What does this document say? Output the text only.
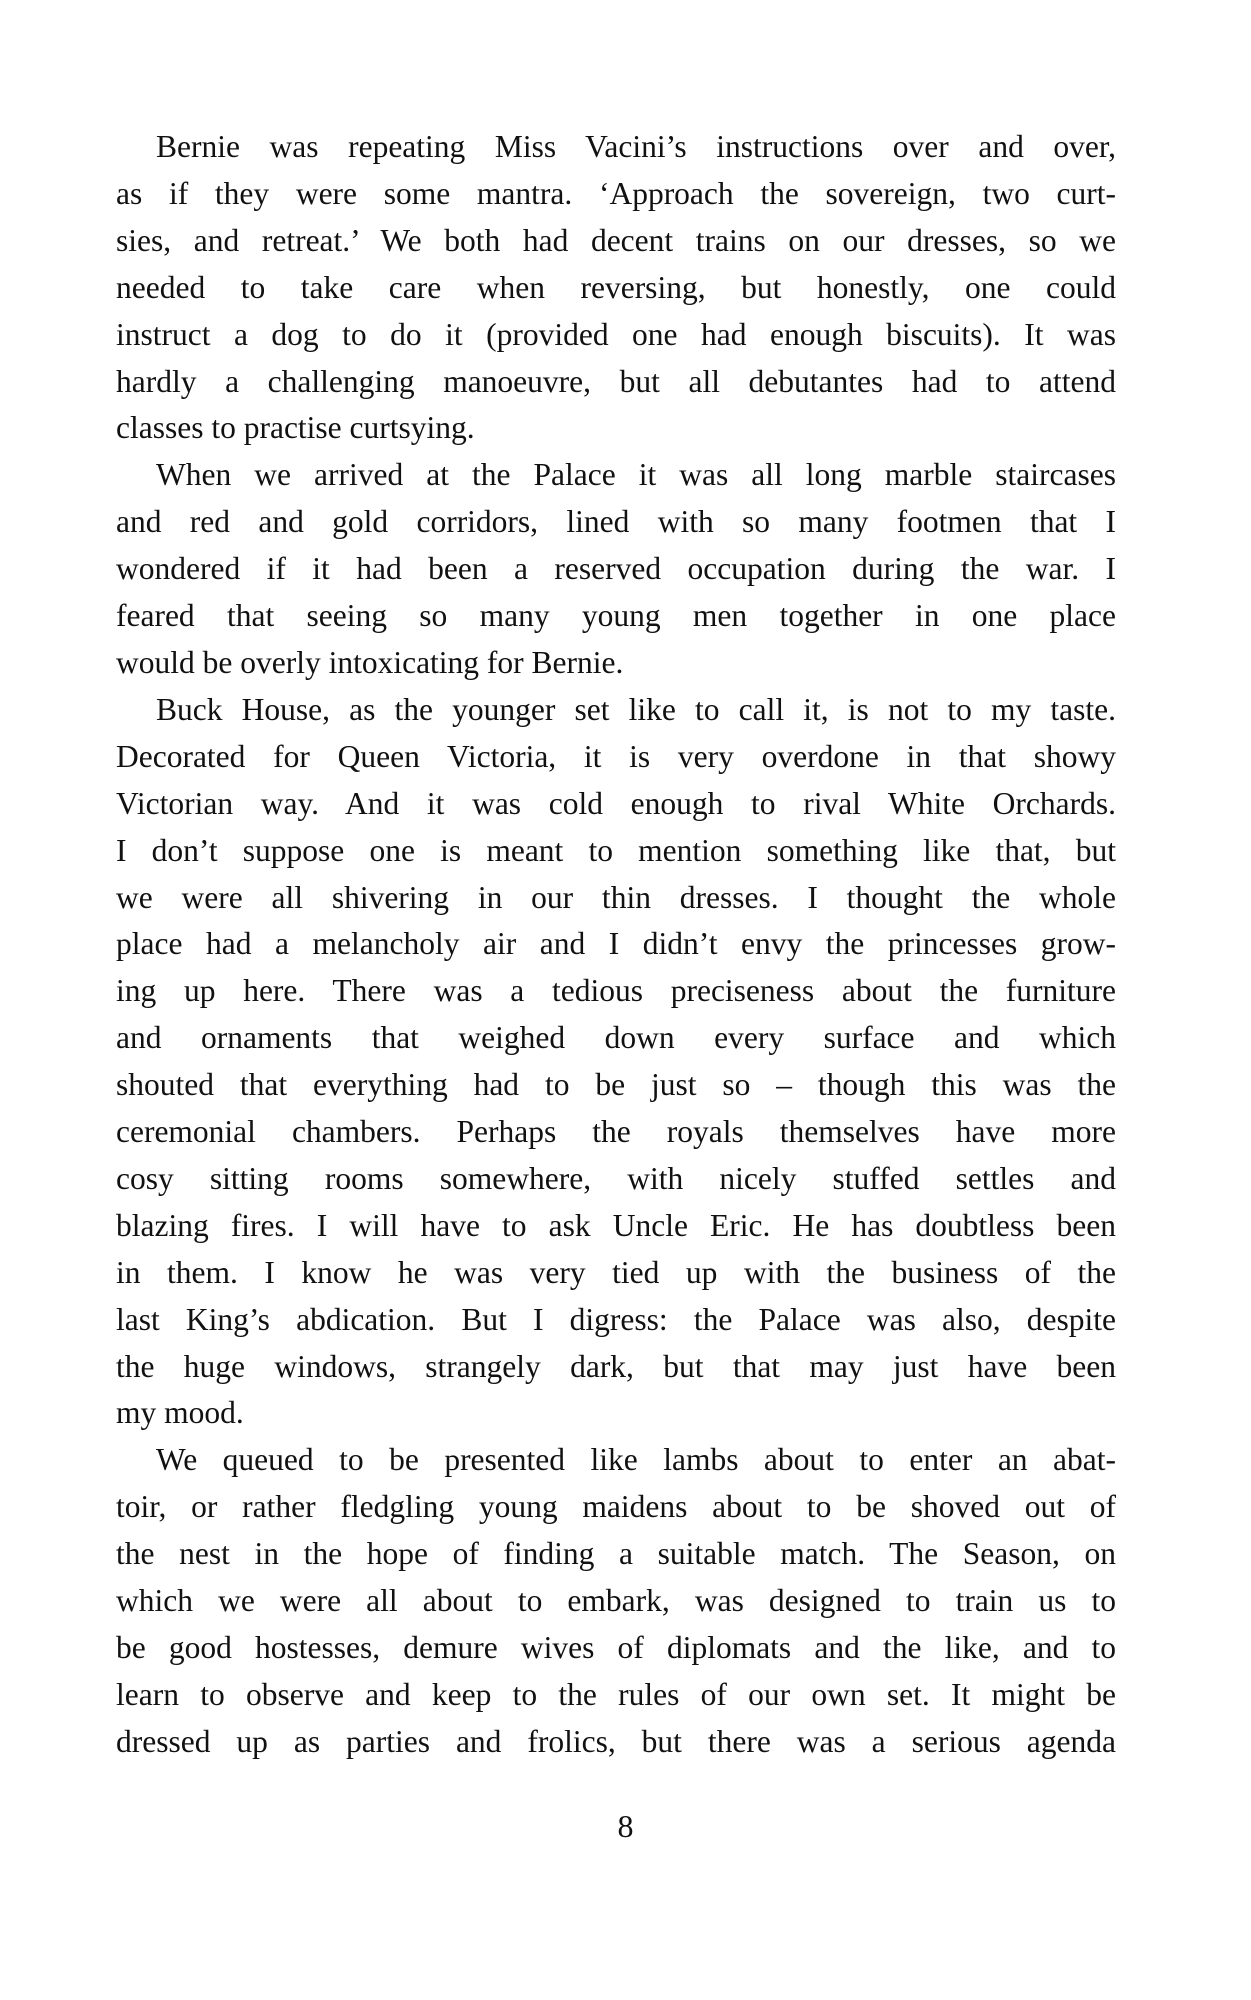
Bernie was repeating Miss Vacini’s instructions over and over,
as if they were some mantra. ‘Approach the sovereign, two curt-
sies, and retreat.’ We both had decent trains on our dresses, so we
needed to take care when reversing, but honestly, one could
instruct a dog to do it (provided one had enough biscuits). It was
hardly a challenging manoeuvre, but all debutantes had to attend
classes to practise curtsying.
When we arrived at the Palace it was all long marble staircases
and red and gold corridors, lined with so many footmen that I
wondered if it had been a reserved occupation during the war. I
feared that seeing so many young men together in one place
would be overly intoxicating for Bernie.
Buck House, as the younger set like to call it, is not to my taste.
Decorated for Queen Victoria, it is very overdone in that showy
Victorian way. And it was cold enough to rival White Orchards.
I don’t suppose one is meant to mention something like that, but
we were all shivering in our thin dresses. I thought the whole
place had a melancholy air and I didn’t envy the princesses grow-
ing up here. There was a tedious preciseness about the furniture
and ornaments that weighed down every surface and which
shouted that everything had to be just so – though this was the
ceremonial chambers. Perhaps the royals themselves have more
cosy sitting rooms somewhere, with nicely stuffed settles and
blazing fires. I will have to ask Uncle Eric. He has doubtless been
in them. I know he was very tied up with the business of the
last King’s abdication. But I digress: the Palace was also, despite
the huge windows, strangely dark, but that may just have been
my mood.
We queued to be presented like lambs about to enter an abat-
toir, or rather fledgling young maidens about to be shoved out of
the nest in the hope of finding a suitable match. The Season, on
which we were all about to embark, was designed to train us to
be good hostesses, demure wives of diplomats and the like, and to
learn to observe and keep to the rules of our own set. It might be
dressed up as parties and frolics, but there was a serious agenda
8
